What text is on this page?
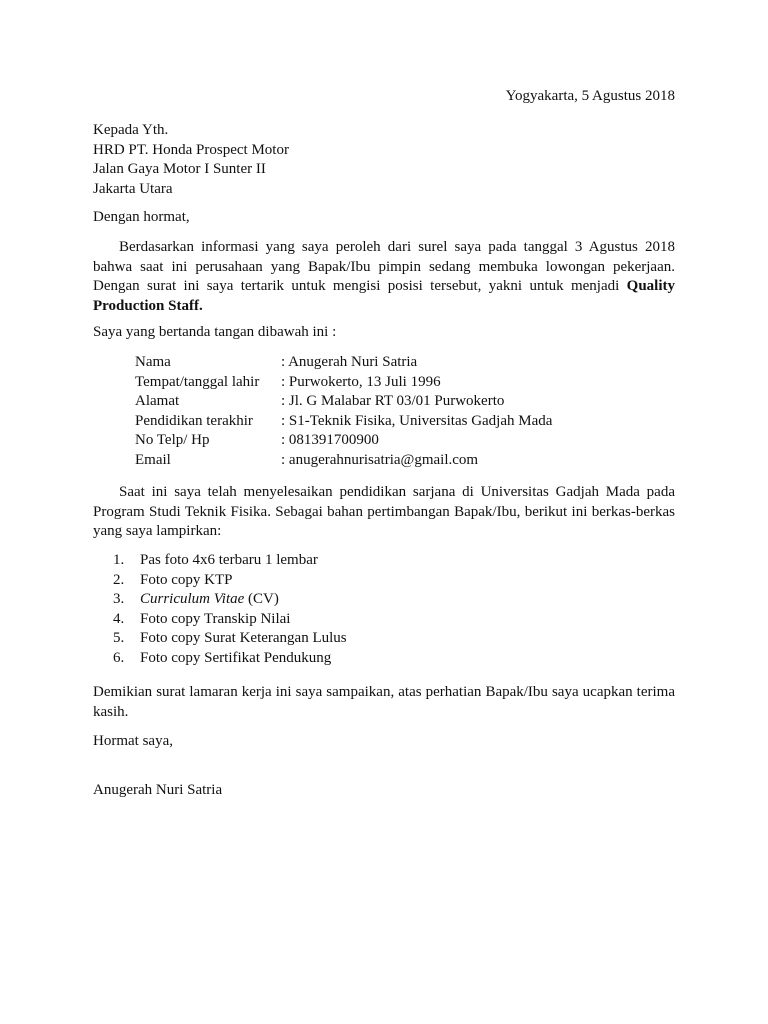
Yogyakarta, 5 Agustus 2018
Kepada Yth.
HRD PT. Honda Prospect Motor
Jalan Gaya Motor I Sunter II
Jakarta Utara
Dengan hormat,
Berdasarkan informasi yang saya peroleh dari surel saya pada tanggal 3 Agustus 2018 bahwa saat ini perusahaan yang Bapak/Ibu pimpin sedang membuka lowongan pekerjaan. Dengan surat ini saya tertarik untuk mengisi posisi tersebut, yakni untuk menjadi Quality Production Staff.
Saya yang bertanda tangan dibawah ini :
Nama	: Anugerah Nuri Satria
Tempat/tanggal lahir	: Purwokerto, 13 Juli 1996
Alamat	: Jl. G Malabar RT 03/01 Purwokerto
Pendidikan terakhir	: S1-Teknik Fisika, Universitas Gadjah Mada
No Telp/ Hp	: 081391700900
Email	: anugerahnurisatria@gmail.com
Saat ini saya telah menyelesaikan pendidikan sarjana di Universitas Gadjah Mada pada Program Studi Teknik Fisika. Sebagai bahan pertimbangan Bapak/Ibu, berikut ini berkas-berkas yang saya lampirkan:
1.	Pas foto 4x6 terbaru 1 lembar
2.	Foto copy KTP
3.	Curriculum Vitae (CV)
4.	Foto copy Transkip Nilai
5.	Foto copy Surat Keterangan Lulus
6.	Foto copy Sertifikat Pendukung
Demikian surat lamaran kerja ini saya sampaikan, atas perhatian Bapak/Ibu saya ucapkan terima kasih.
Hormat saya,
Anugerah Nuri Satria
